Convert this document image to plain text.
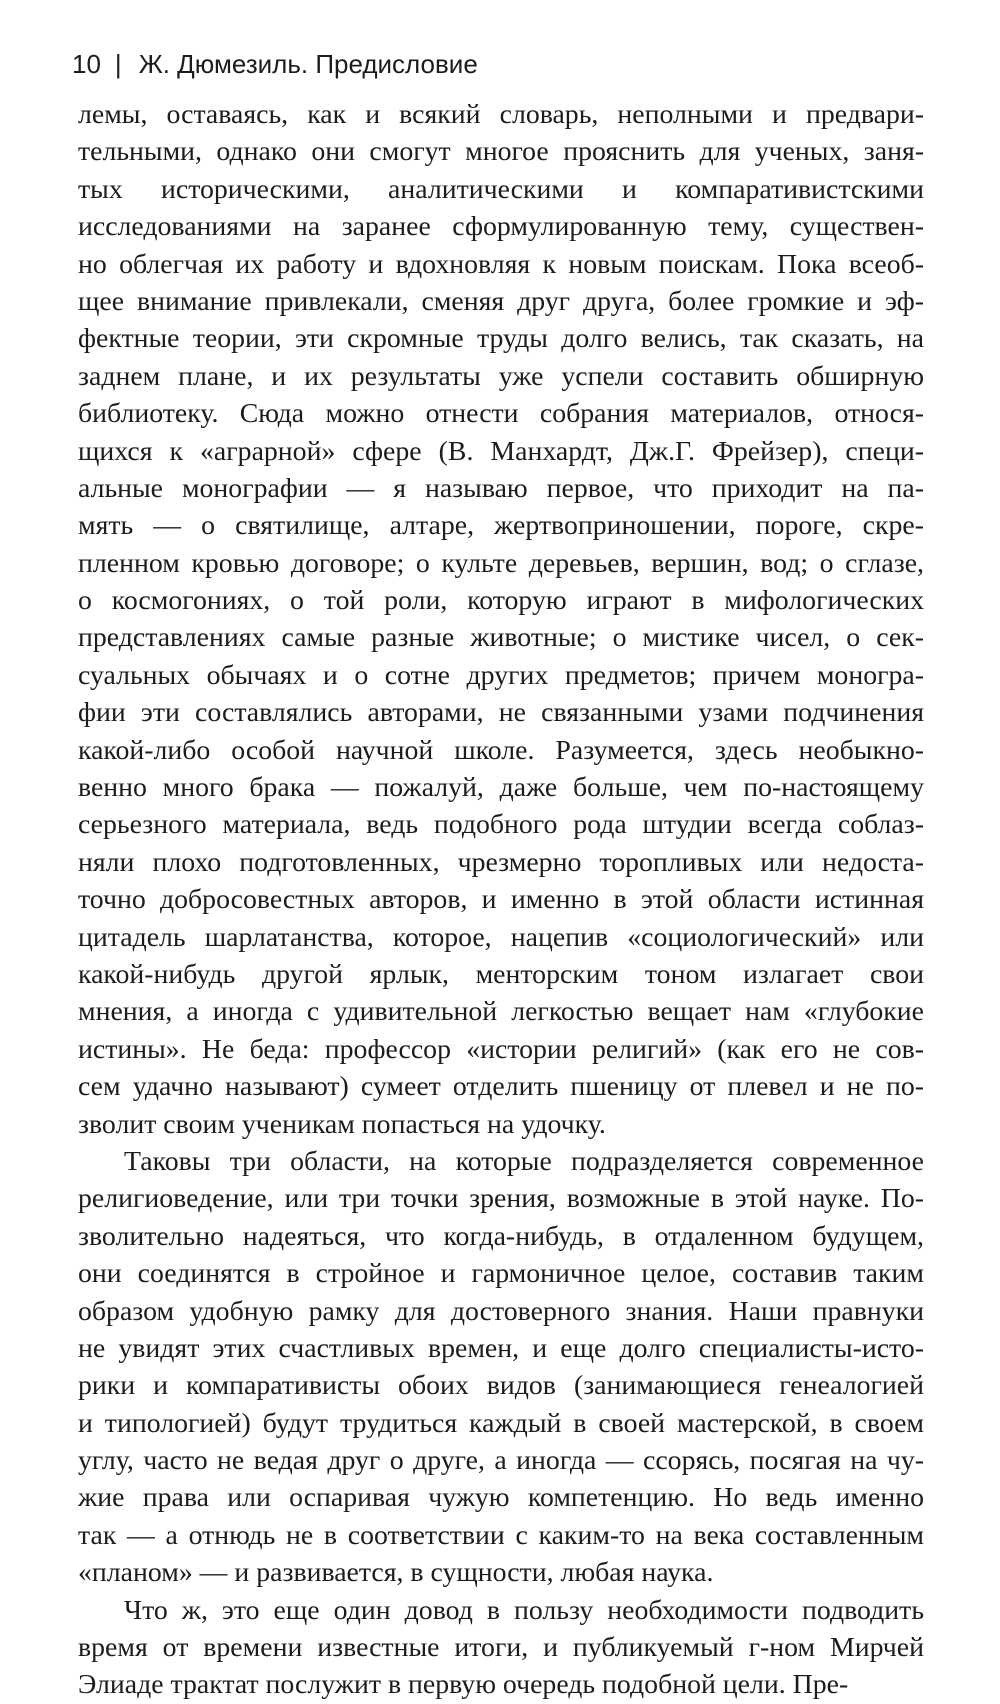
10 | Ж. Дюмезиль. Предисловие
лемы, оставаясь, как и всякий словарь, неполными и предвари-
тельными, однако они смогут многое прояснить для ученых, заня-
тых историческими, аналитическими и компаративистскими
исследованиями на заранее сформулированную тему, существен-
но облегчая их работу и вдохновляя к новым поискам. Пока всеоб-
щее внимание привлекали, сменяя друг друга, более громкие и эф-
фектные теории, эти скромные труды долго велись, так сказать, на
заднем плане, и их результаты уже успели составить обширную
библиотеку. Сюда можно отнести собрания материалов, относя-
щихся к «аграрной» сфере (В. Манхардт, Дж.Г. Фрейзер), специ-
альные монографии — я называю первое, что приходит на па-
мять — о святилище, алтаре, жертвоприношении, пороге, скре-
пленном кровью договоре; о культе деревьев, вершин, вод; о сглазе,
о космогониях, о той роли, которую играют в мифологических
представлениях самые разные животные; о мистике чисел, о сек-
суальных обычаях и о сотне других предметов; причем моногра-
фии эти составлялись авторами, не связанными узами подчинения
какой-либо особой научной школе. Разумеется, здесь необыкно-
венно много брака — пожалуй, даже больше, чем по-настоящему
серьезного материала, ведь подобного рода штудии всегда соблаз-
няли плохо подготовленных, чрезмерно торопливых или недоста-
точно добросовестных авторов, и именно в этой области истинная
цитадель шарлатанства, которое, нацепив «социологический» или
какой-нибудь другой ярлык, менторским тоном излагает свои
мнения, а иногда с удивительной легкостью вещает нам «глубокие
истины». Не беда: профессор «истории религий» (как его не сов-
сем удачно называют) сумеет отделить пшеницу от плевел и не по-
зволит своим ученикам попасться на удочку.
Таковы три области, на которые подразделяется современное
религиоведение, или три точки зрения, возможные в этой науке. По-
зволительно надеяться, что когда-нибудь, в отдаленном будущем,
они соединятся в стройное и гармоничное целое, составив таким
образом удобную рамку для достоверного знания. Наши правнуки
не увидят этих счастливых времен, и еще долго специалисты-исто-
рики и компаративисты обоих видов (занимающиеся генеалогией
и типологией) будут трудиться каждый в своей мастерской, в своем
углу, часто не ведая друг о друге, а иногда — ссорясь, посягая на чу-
жие права или оспаривая чужую компетенцию. Но ведь именно
так — а отнюдь не в соответствии с каким-то на века составленным
«планом» — и развивается, в сущности, любая наука.
Что ж, это еще один довод в пользу необходимости подводить
время от времени известные итоги, и публикуемый г-ном Мирчей
Элиаде трактат послужит в первую очередь подобной цели. Пре-
